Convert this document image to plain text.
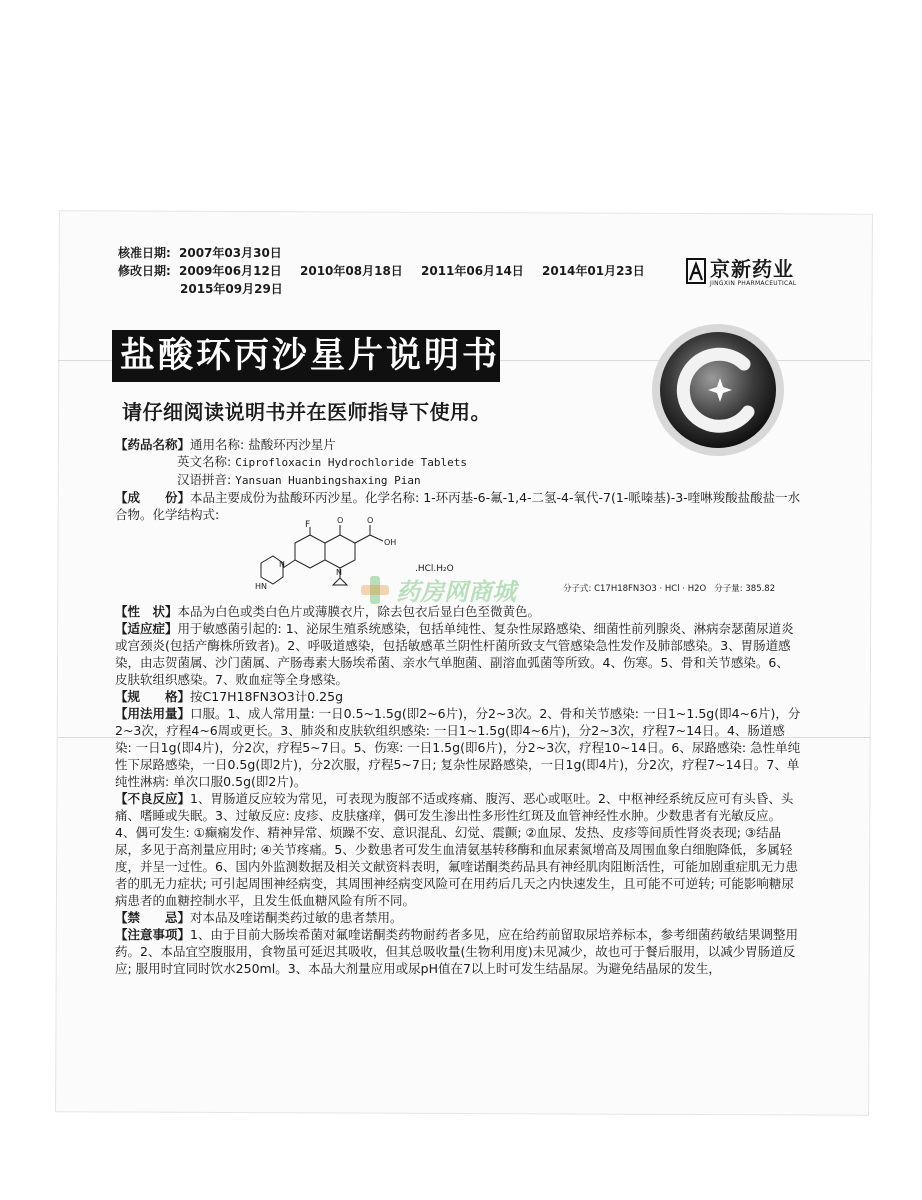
核准日期: 2007年03月30日
修改日期: 2009年06月12日 2010年08月18日 2011年06月14日 2014年01月23日
2015年09月29日
京新药业
JINGXIN PHARMACEUTICAL
盐酸环丙沙星片说明书
请仔细阅读说明书并在医师指导下使用。
药房网商城

【药品名称】通用名称: 盐酸环丙沙星片

英文名称: Ciprofloxacin Hydrochloride Tablets

汉语拼音: Yansuan Huanbingshaxing Pian

【成　　份】本品主要成份为盐酸环丙沙星。化学名称: 1-环丙基-6-氟-1,4-二氢-4-氧代-7(1-哌嗪基)-3-喹啉羧酸盐酸盐一水合物。化学结构式:

F	O	O
OH
N
N
HN
.HCl.H₂O
分子式: C17H18FN3O3 · HCl · H2O 分子量: 385.82

【性　状】本品为白色或类白色片或薄膜衣片，除去包衣后显白色至微黄色。

【适应症】用于敏感菌引起的: 1、泌尿生殖系统感染，包括单纯性、复杂性尿路感染、细菌性前列腺炎、淋病奈瑟菌尿道炎或宫颈炎(包括产酶株所致者)。2、呼吸道感染，包括敏感革兰阴性杆菌所致支气管感染急性发作及肺部感染。3、胃肠道感染，由志贺菌属、沙门菌属、产肠毒素大肠埃希菌、亲水气单胞菌、副溶血弧菌等所致。4、伤寒。5、骨和关节感染。6、皮肤软组织感染。7、败血症等全身感染。

【规　　格】按C17H18FN3O3计0.25g

【用法用量】口服。1、成人常用量: 一日0.5~1.5g(即2~6片)，分2~3次。2、骨和关节感染: 一日1~1.5g(即4~6片)，分2~3次，疗程4~6周或更长。3、肺炎和皮肤软组织感染: 一日1~1.5g(即4~6片)，分2~3次，疗程7~14日。4、肠道感染: 一日1g(即4片)，分2次，疗程5~7日。5、伤寒: 一日1.5g(即6片)，分2~3次，疗程10~14日。6、尿路感染: 急性单纯性下尿路感染，一日0.5g(即2片)，分2次服，疗程5~7日; 复杂性尿路感染，一日1g(即4片)，分2次，疗程7~14日。7、单纯性淋病: 单次口服0.5g(即2片)。

【不良反应】1、胃肠道反应较为常见，可表现为腹部不适或疼痛、腹泻、恶心或呕吐。2、中枢神经系统反应可有头昏、头痛、嗜睡或失眠。3、过敏反应: 皮疹、皮肤瘙痒，偶可发生渗出性多形性红斑及血管神经性水肿。少数患者有光敏反应。4、偶可发生: ①癫痫发作、精神异常、烦躁不安、意识混乱、幻觉、震颤; ②血尿、发热、皮疹等间质性肾炎表现; ③结晶尿，多见于高剂量应用时; ④关节疼痛。5、少数患者可发生血清氨基转移酶和血尿素氮增高及周围血象白细胞降低，多属轻度，并呈一过性。6、国内外监测数据及相关文献资料表明，氟喹诺酮类药品具有神经肌肉阻断活性，可能加剧重症肌无力患者的肌无力症状; 可引起周围神经病变，其周围神经病变风险可在用药后几天之内快速发生，且可能不可逆转; 可能影响糖尿病患者的血糖控制水平，且发生低血糖风险有所不同。

【禁　　忌】对本品及喹诺酮类药过敏的患者禁用。

【注意事项】1、由于目前大肠埃希菌对氟喹诺酮类药物耐药者多见，应在给药前留取尿培养标本，参考细菌药敏结果调整用药。2、本品宜空腹服用，食物虽可延迟其吸收，但其总吸收量(生物利用度)未见减少，故也可于餐后服用，以减少胃肠道反应; 服用时宜同时饮水250ml。3、本品大剂量应用或尿pH值在7以上时可发生结晶尿。为避免结晶尿的发生，
